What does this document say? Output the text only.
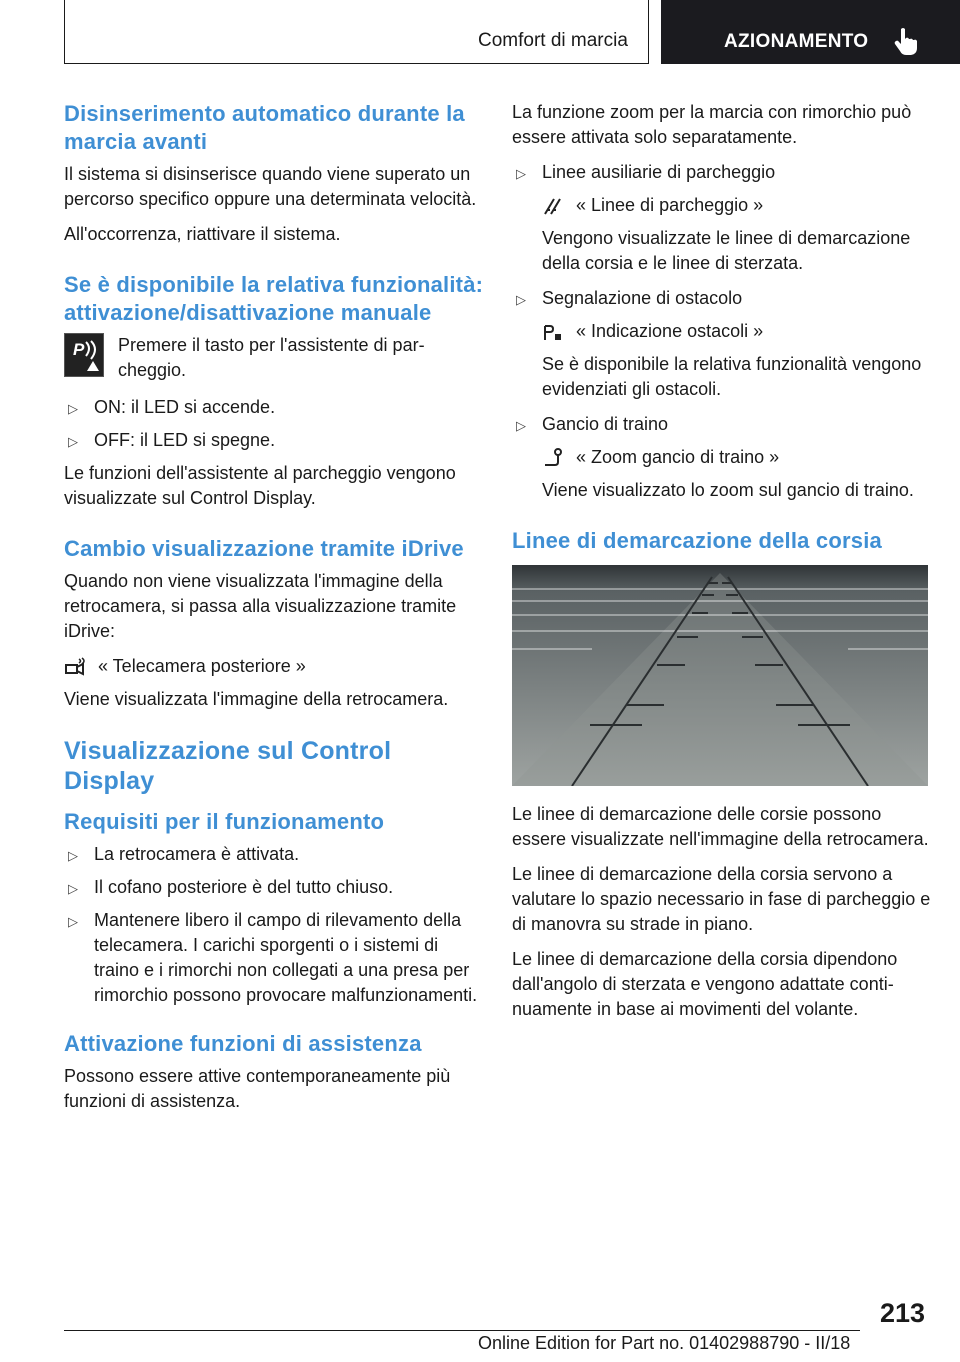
Comfort di marcia	AZIONAMENTO
Disinserimento automatico durante la marcia avanti

Il sistema si disinserisce quando viene superato un percorso specifico oppure una determinata velocità.

All'occorrenza, riattivare il sistema.

Se è disponibile la relativa funzionalità: attivazione/disattivazione manuale
P Premere il tasto per l'assistente di parcheggio.

▷ ON: il LED si accende.
▷ OFF: il LED si spegne.

Le funzioni dell'assistente al parcheggio vengono visualizzate sul Control Display.

Cambio visualizzazione tramite iDrive

Quando non viene visualizzata l'immagine della retrocamera, si passa alla visualizzazione tramite iDrive:

« Telecamera posteriore »

Viene visualizzata l'immagine della retrocamera.

Visualizzazione sul Control Display
Requisiti per il funzionamento
▷ La retrocamera è attivata.
▷ Il cofano posteriore è del tutto chiuso.
▷ Mantenere libero il campo di rilevamento della telecamera. I carichi sporgenti o i sistemi di traino e i rimorchi non collegati a una presa per rimorchio possono provocare malfunzionamenti.
Attivazione funzioni di assistenza

Possono essere attive contemporaneamente più funzioni di assistenza.

La funzione zoom per la marcia con rimorchio può essere attivata solo separatamente.

▷ Linee ausiliarie di parcheggio
« Linee di parcheggio »

Vengono visualizzate le linee di demarcazione della corsia e le linee di sterzata.

▷ Segnalazione di ostacolo
« Indicazione ostacoli »

Se è disponibile la relativa funzionalità vengono evidenziati gli ostacoli.

▷ Gancio di traino
« Zoom gancio di traino »

Viene visualizzato lo zoom sul gancio di traino.

Linee di demarcazione della corsia

Le linee di demarcazione delle corsie possono essere visualizzate nell'immagine della retrocamera.

Le linee di demarcazione della corsia servono a valutare lo spazio necessario in fase di parcheggio e di manovra su strade in piano.

Le linee di demarcazione della corsia dipendono dall'angolo di sterzata e vengono adattate continuamente in base ai movimenti del volante.

213
Online Edition for Part no. 01402988790 - II/18
